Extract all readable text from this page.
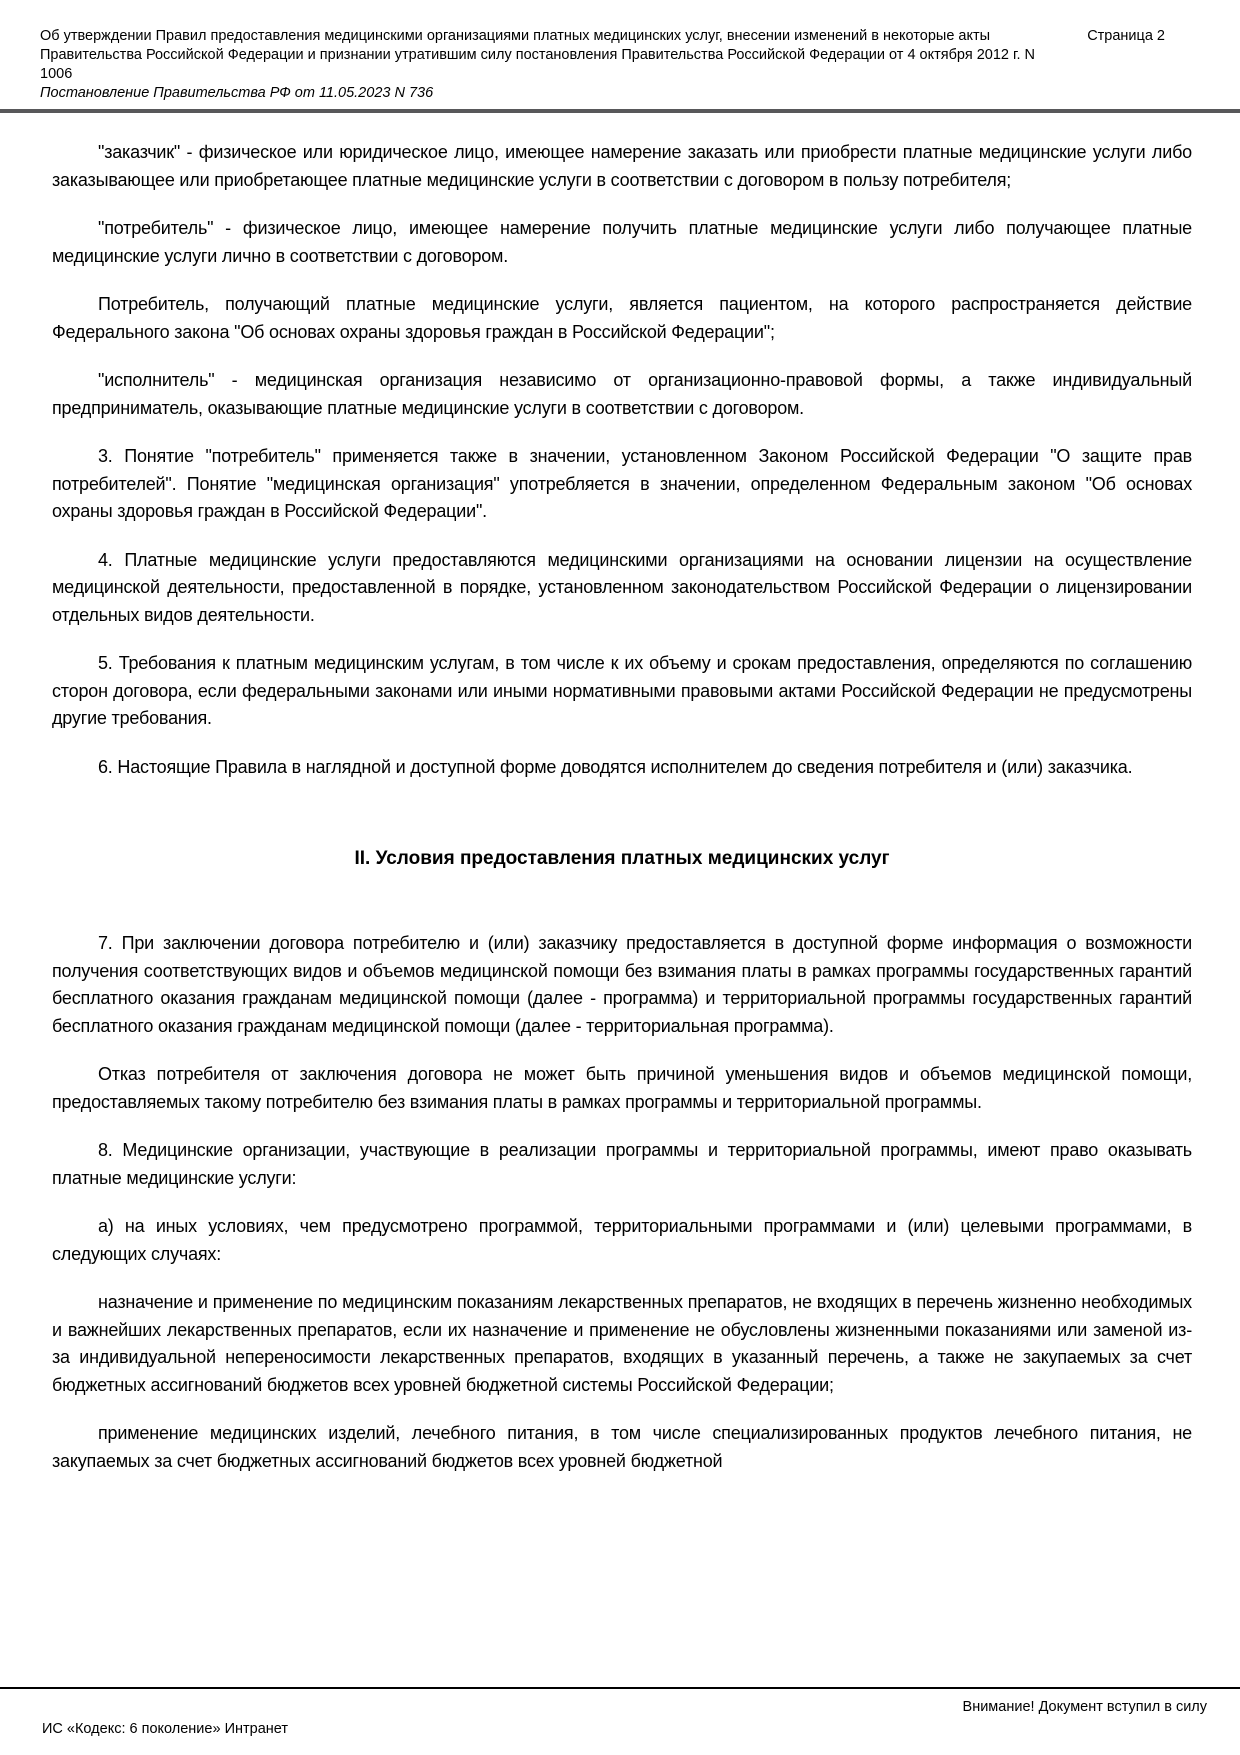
Об утверждении Правил предоставления медицинскими организациями платных медицинских услуг, внесении изменений в некоторые акты Правительства Российской Федерации и признании утратившим силу постановления Правительства Российской Федерации от 4 октября 2012 г. N 1006
Страница 2
Постановление Правительства РФ от 11.05.2023 N 736

"заказчик" - физическое или юридическое лицо, имеющее намерение заказать или приобрести платные медицинские услуги либо заказывающее или приобретающее платные медицинские услуги в соответствии с договором в пользу потребителя;

"потребитель" - физическое лицо, имеющее намерение получить платные медицинские услуги либо получающее платные медицинские услуги лично в соответствии с договором.

Потребитель, получающий платные медицинские услуги, является пациентом, на которого распространяется действие Федерального закона "Об основах охраны здоровья граждан в Российской Федерации";

"исполнитель" - медицинская организация независимо от организационно-правовой формы, а также индивидуальный предприниматель, оказывающие платные медицинские услуги в соответствии с договором.

3. Понятие "потребитель" применяется также в значении, установленном Законом Российской Федерации "О защите прав потребителей". Понятие "медицинская организация" употребляется в значении, определенном Федеральным законом "Об основах охраны здоровья граждан в Российской Федерации".

4. Платные медицинские услуги предоставляются медицинскими организациями на основании лицензии на осуществление медицинской деятельности, предоставленной в порядке, установленном законодательством Российской Федерации о лицензировании отдельных видов деятельности.

5. Требования к платным медицинским услугам, в том числе к их объему и срокам предоставления, определяются по соглашению сторон договора, если федеральными законами или иными нормативными правовыми актами Российской Федерации не предусмотрены другие требования.

6. Настоящие Правила в наглядной и доступной форме доводятся исполнителем до сведения потребителя и (или) заказчика.

II. Условия предоставления платных медицинских услуг

7. При заключении договора потребителю и (или) заказчику предоставляется в доступной форме информация о возможности получения соответствующих видов и объемов медицинской помощи без взимания платы в рамках программы государственных гарантий бесплатного оказания гражданам медицинской помощи (далее - программа) и территориальной программы государственных гарантий бесплатного оказания гражданам медицинской помощи (далее - территориальная программа).

Отказ потребителя от заключения договора не может быть причиной уменьшения видов и объемов медицинской помощи, предоставляемых такому потребителю без взимания платы в рамках программы и территориальной программы.

8. Медицинские организации, участвующие в реализации программы и территориальной программы, имеют право оказывать платные медицинские услуги:

а) на иных условиях, чем предусмотрено программой, территориальными программами и (или) целевыми программами, в следующих случаях:

назначение и применение по медицинским показаниям лекарственных препаратов, не входящих в перечень жизненно необходимых и важнейших лекарственных препаратов, если их назначение и применение не обусловлены жизненными показаниями или заменой из-за индивидуальной непереносимости лекарственных препаратов, входящих в указанный перечень, а также не закупаемых за счет бюджетных ассигнований бюджетов всех уровней бюджетной системы Российской Федерации;

применение медицинских изделий, лечебного питания, в том числе специализированных продуктов лечебного питания, не закупаемых за счет бюджетных ассигнований бюджетов всех уровней бюджетной

Внимание! Документ вступил в силу
ИС «Кодекс: 6 поколение» Интранет
